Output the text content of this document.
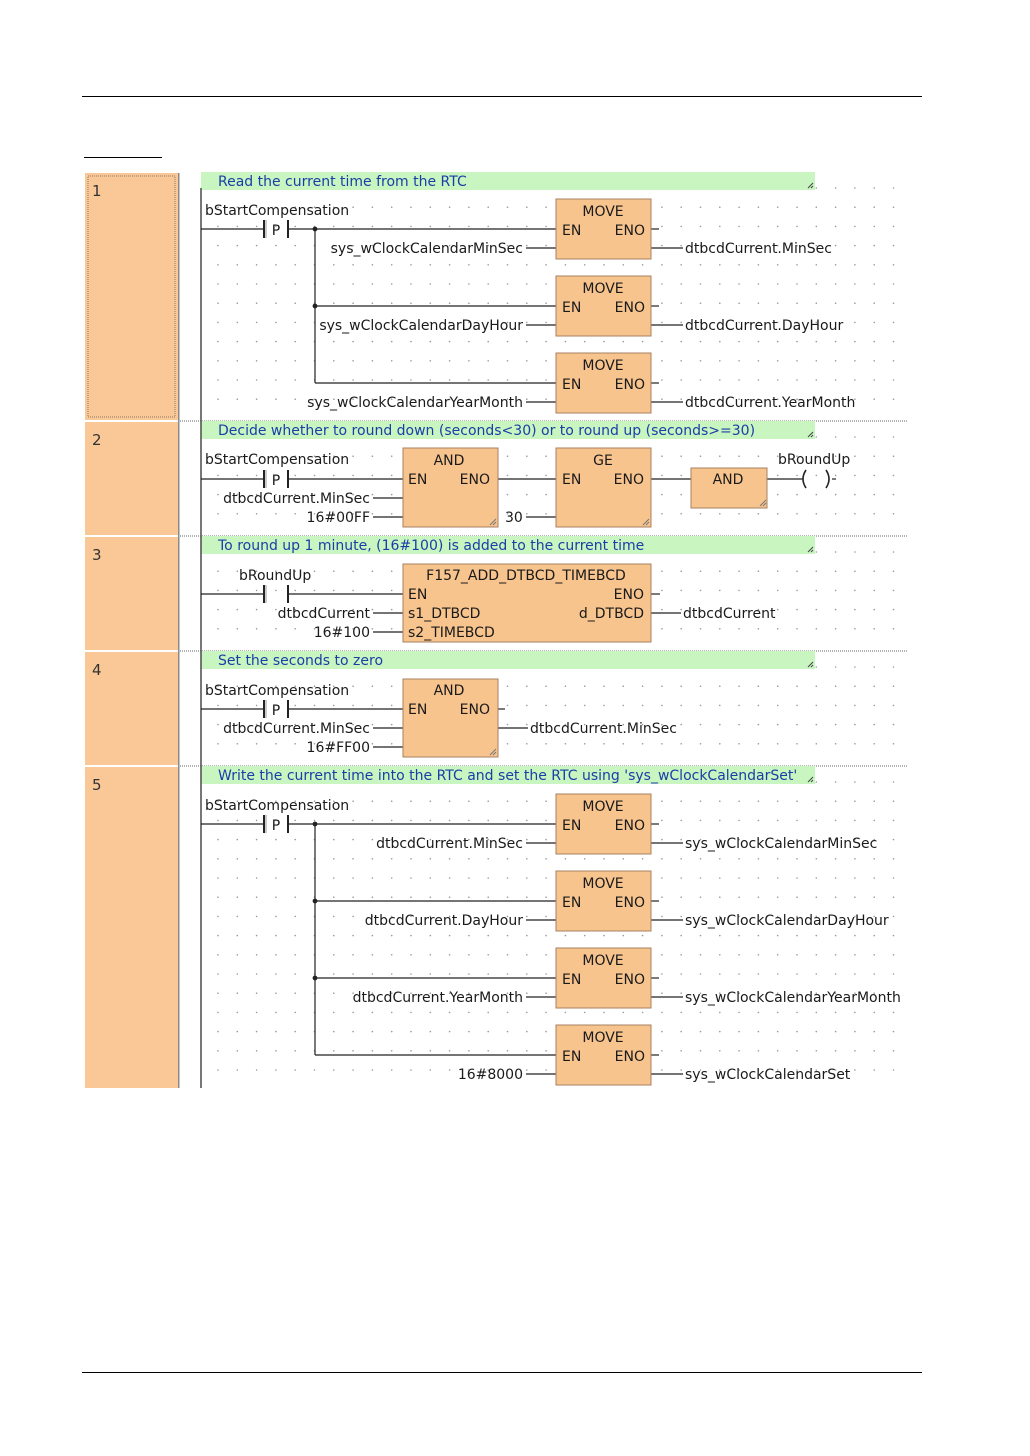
1	Read the current time from the RTC
2	Decide whether to round down (seconds<30) or to round up (seconds>=30)
3	To round up 1 minute, (16#100) is added to the current time
4	Set the seconds to zero
5	Write the current time into the RTC and set the RTC using 'sys_wClockCalendarSet'
bStartCompensation
P
MOVE
EN ENO
sys_wClockCalendarMinSec	dtbcdCurrent.MinSec
MOVE
EN ENO
sys_wClockCalendarDayHour	dtbcdCurrent.DayHour
MOVE
EN ENO
sys_wClockCalendarYearMonth	dtbcdCurrent.YearMonth
bStartCompensation
P
AND
EN ENO
dtbcdCurrent.MinSec
16#00FF
GE
EN ENO
30
AND
bRoundUp
bRoundUp	F157_ADD_DTBCD_TIMEBCD
EN	ENO
s1_DTBCD
s2_TIMEBCD
d_DTBCD
dtbcdCurrent
16#100
dtbcdCurrent
bStartCompensation
P
AND
EN ENO
dtbcdCurrent.MinSec
16#FF00
dtbcdCurrent.MinSec
bStartCompensation
P
MOVE
EN ENO
dtbcdCurrent.MinSec	sys_wClockCalendarMinSec
MOVE
EN ENO
dtbcdCurrent.DayHour	sys_wClockCalendarDayHour
MOVE
EN ENO
dtbcdCurrent.YearMonth	sys_wClockCalendarYearMonth
MOVE
EN ENO
16#8000	sys_wClockCalendarSet
